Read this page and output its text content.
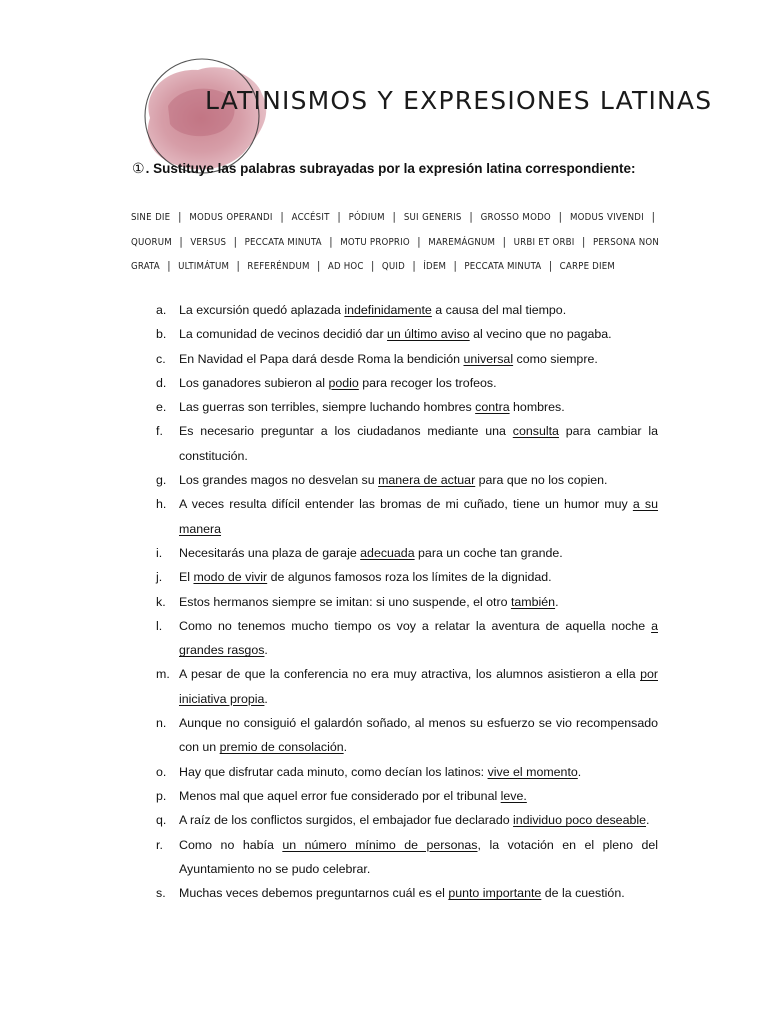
LATINISMOS Y EXPRESIONES LATINAS
①. Sustituye las palabras subrayadas por la expresión latina correspondiente:
SINE DIE | MODUS OPERANDI | ACCÉSIT | PÓDIUM | SUI GENERIS | GROSSO MODO | MODUS VIVENDI | QUORUM | VERSUS | PECCATA MINUTA | MOTU PROPRIO | MAREMÁGNUM | URBI ET ORBI | PERSONA NON GRATA | ULTIMÁTUM | REFERÉNDUM | AD HOC | QUID | ÍDEM | PECCATA MINUTA | CARPE DIEM
a. La excursión quedó aplazada indefinidamente a causa del mal tiempo.
b. La comunidad de vecinos decidió dar un último aviso al vecino que no pagaba.
c. En Navidad el Papa dará desde Roma la bendición universal como siempre.
d. Los ganadores subieron al podio para recoger los trofeos.
e. Las guerras son terribles, siempre luchando hombres contra hombres.
f. Es necesario preguntar a los ciudadanos mediante una consulta para cambiar la constitución.
g. Los grandes magos no desvelan su manera de actuar para que no los copien.
h. A veces resulta difícil entender las bromas de mi cuñado, tiene un humor muy a su manera
i. Necesitarás una plaza de garaje adecuada para un coche tan grande.
j. El modo de vivir de algunos famosos roza los límites de la dignidad.
k. Estos hermanos siempre se imitan: si uno suspende, el otro también.
l. Como no tenemos mucho tiempo os voy a relatar la aventura de aquella noche a grandes rasgos.
m. A pesar de que la conferencia no era muy atractiva, los alumnos asistieron a ella por iniciativa propia.
n. Aunque no consiguió el galardón soñado, al menos su esfuerzo se vio recompensado con un premio de consolación.
o. Hay que disfrutar cada minuto, como decían los latinos: vive el momento.
p. Menos mal que aquel error fue considerado por el tribunal leve.
q. A raíz de los conflictos surgidos, el embajador fue declarado individuo poco deseable.
r. Como no había un número mínimo de personas, la votación en el pleno del Ayuntamiento no se pudo celebrar.
s. Muchas veces debemos preguntarnos cuál es el punto importante de la cuestión.
